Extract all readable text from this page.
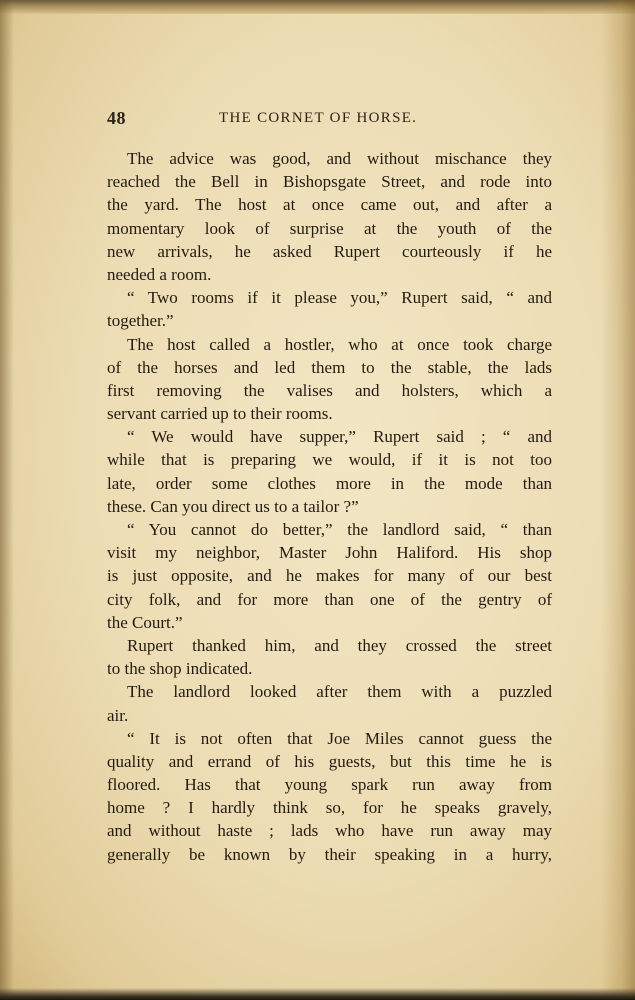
48	THE CORNET OF HORSE.
The advice was good, and without mischance they
reached the Bell in Bishopsgate Street, and rode into
the yard. The host at once came out, and after a
momentary look of surprise at the youth of the
new arrivals, he asked Rupert courteously if he
needed a room.
“ Two rooms if it please you,” Rupert said, “ and
together.”
The host called a hostler, who at once took charge
of the horses and led them to the stable, the lads
first removing the valises and holsters, which a
servant carried up to their rooms.
“ We would have supper,” Rupert said ; “ and
while that is preparing we would, if it is not too
late, order some clothes more in the mode than
these. Can you direct us to a tailor ?”
“ You cannot do better,” the landlord said, “ than
visit my neighbor, Master John Haliford. His shop
is just opposite, and he makes for many of our best
city folk, and for more than one of the gentry of
the Court.”
Rupert thanked him, and they crossed the street
to the shop indicated.
The landlord looked after them with a puzzled
air.
“ It is not often that Joe Miles cannot guess the
quality and errand of his guests, but this time he is
floored. Has that young spark run away from
home ? I hardly think so, for he speaks gravely,
and without haste ; lads who have run away may
generally be known by their speaking in a hurry,
